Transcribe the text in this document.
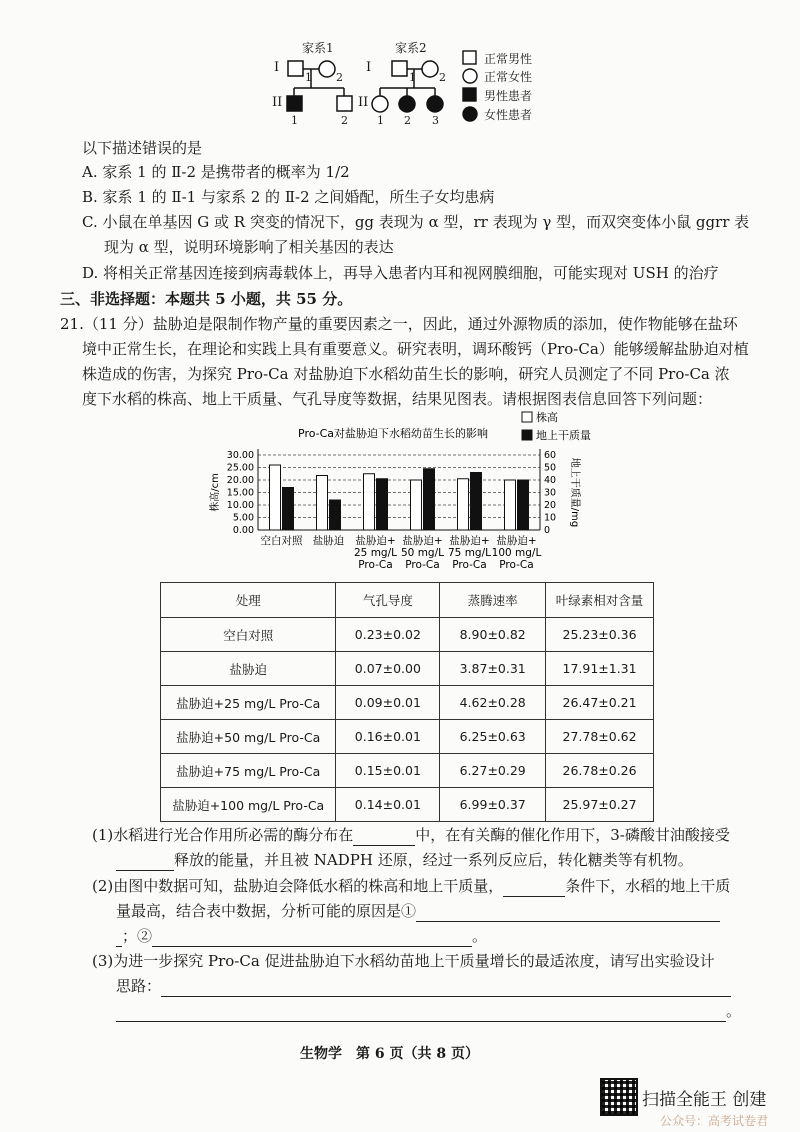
家系1	家系2
I
II
I
II
1 2
1	2
1 2
1 2 3
正常男性
正常女性
男性患者
女性患者
以下描述错误的是
A. 家系 1 的 Ⅱ-2 是携带者的概率为 1/2
B. 家系 1 的 Ⅱ-1 与家系 2 的 Ⅱ-2 之间婚配，所生子女均患病
C. 小鼠在单基因 G 或 R 突变的情况下，gg 表现为 α 型，rr 表现为 γ 型，而双突变体小鼠 ggrr 表
现为 α 型，说明环境影响了相关基因的表达
D. 将相关正常基因连接到病毒载体上，再导入患者内耳和视网膜细胞，可能实现对 USH 的治疗
三、非选择题：本题共 5 小题，共 55 分。
21.（11 分）盐胁迫是限制作物产量的重要因素之一，因此，通过外源物质的添加，使作物能够在盐环
境中正常生长，在理论和实践上具有重要意义。研究表明，调环酸钙（Pro-Ca）能够缓解盐胁迫对植
株造成的伤害，为探究 Pro-Ca 对盐胁迫下水稻幼苗生长的影响，研究人员测定了不同 Pro-Ca 浓
度下水稻的株高、地上干质量、气孔导度等数据，结果见图表。请根据图表信息回答下列问题：
Pro-Ca对盐胁迫下水稻幼苗生长的影响
株高
地上干质量
0.00
5.00
10.00
15.00
20.00
25.00
30.00
0
10
20
30
40
50
60
株高/cm	地上干质量/mg
空白对照 盐胁迫 盐胁迫+
25 mg/L
Pro-Ca
盐胁迫+
50 mg/L
Pro-Ca
盐胁迫+
75 mg/L
Pro-Ca
盐胁迫+
100 mg/L
Pro-Ca
处理	气孔导度	蒸腾速率	叶绿素相对含量
空白对照	0.23±0.02	8.90±0.82	25.23±0.36
盐胁迫	0.07±0.00	3.87±0.31	17.91±1.31
盐胁迫+25 mg/L Pro-Ca	0.09±0.01	4.62±0.28	26.47±0.21
盐胁迫+50 mg/L Pro-Ca	0.16±0.01	6.25±0.63	27.78±0.62
盐胁迫+75 mg/L Pro-Ca	0.15±0.01	6.27±0.29	26.78±0.26
盐胁迫+100 mg/L Pro-Ca	0.14±0.01	6.99±0.37	25.97±0.27
(1)水稻进行光合作用所必需的酶分布在	中，在有关酶的催化作用下，3-磷酸甘油酸接受
释放的能量，并且被 NADPH 还原，经过一系列反应后，转化糖类等有机物。
(2)由图中数据可知，盐胁迫会降低水稻的株高和地上干质量，	条件下，水稻的地上干质
量最高，结合表中数据，分析可能的原因是①
；②	。
(3)为进一步探究 Pro-Ca 促进盐胁迫下水稻幼苗地上干质量增长的最适浓度，请写出实验设计
思路：
。
生物学　第 6 页（共 8 页）
扫描全能王 创建
公众号：高考试卷君
